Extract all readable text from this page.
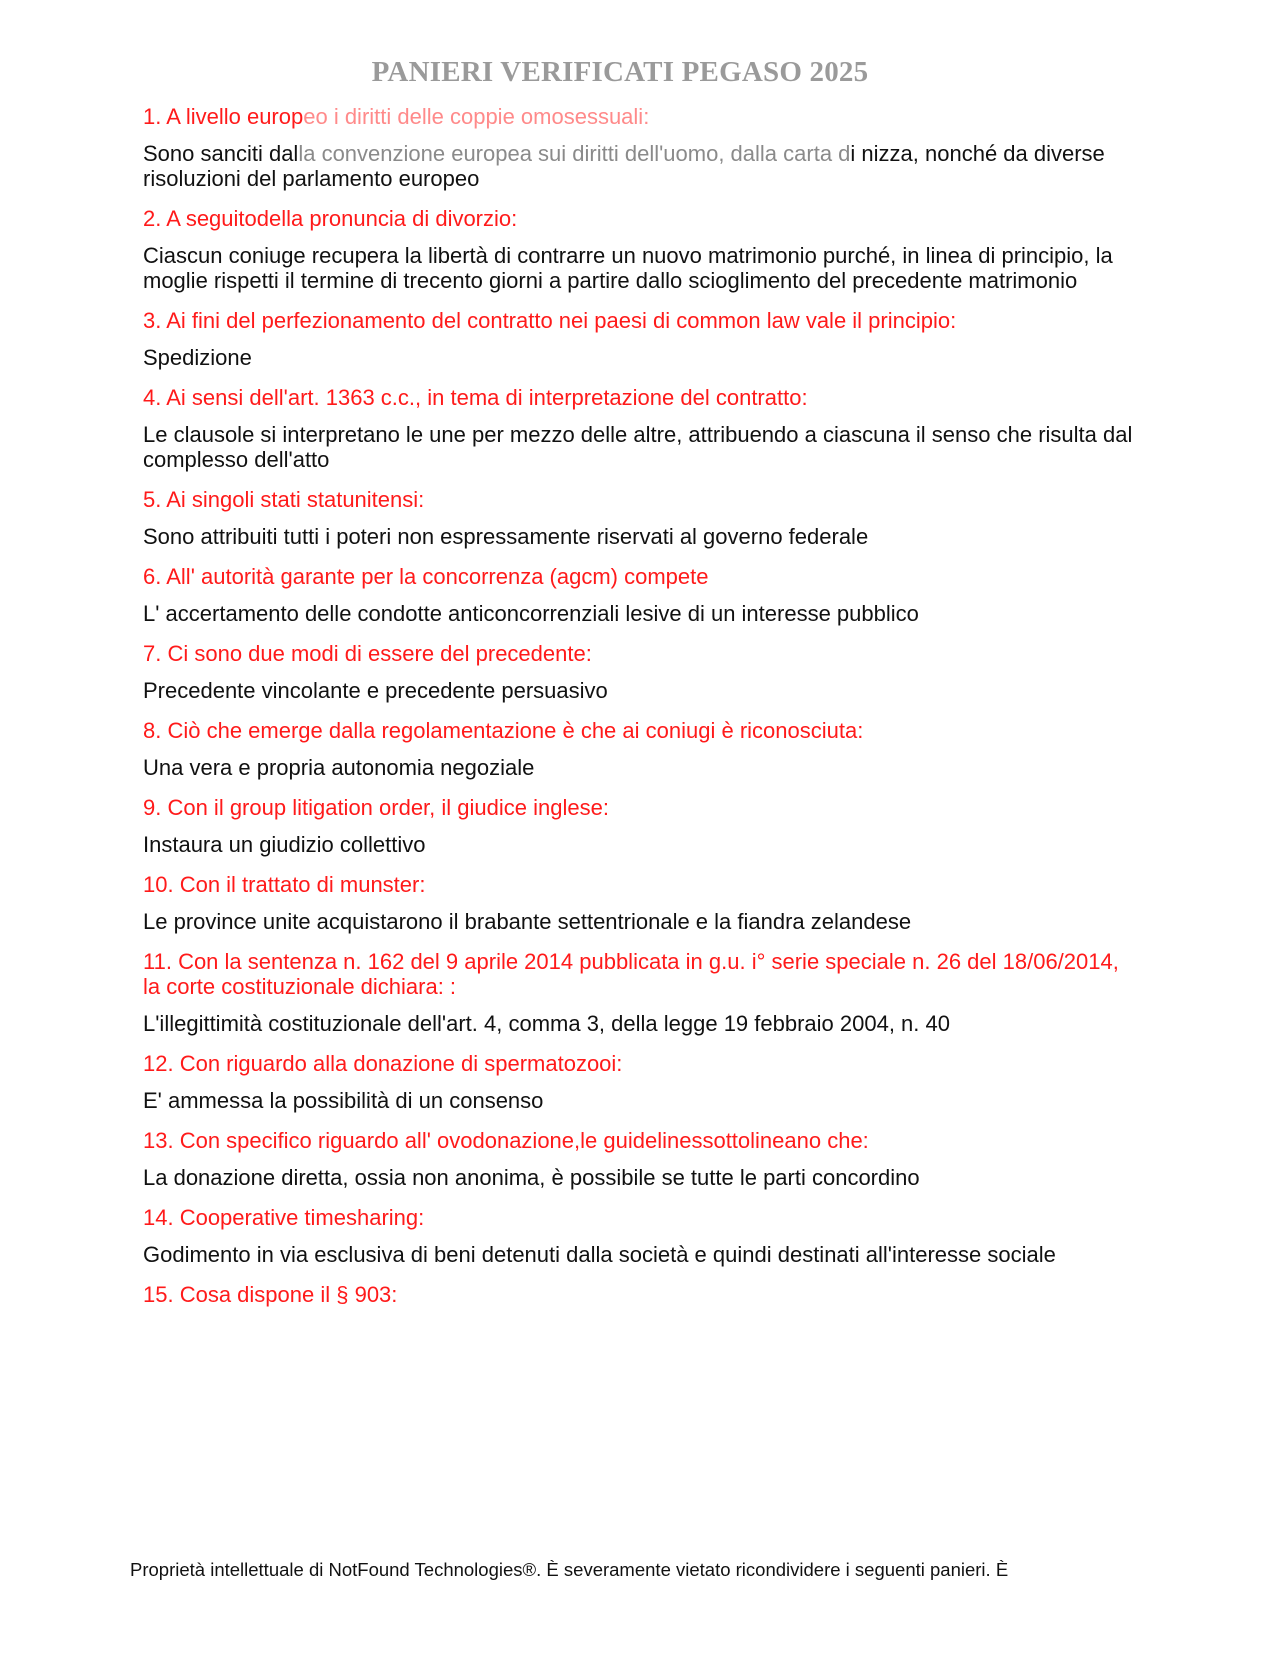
PANIERI VERIFICATI PEGASO 2025

1. A livello europeo i diritti delle coppie omosessuali:

Sono sanciti dalla convenzione europea sui diritti dell'uomo, dalla carta di nizza, nonché da diverse risoluzioni del parlamento europeo

2. A seguitodella pronuncia di divorzio:

Ciascun coniuge recupera la libertà di contrarre un nuovo matrimonio purché, in linea di principio, la moglie rispetti il termine di trecento giorni a partire dallo scioglimento del precedente matrimonio

3. Ai fini del perfezionamento del contratto nei paesi di common law vale il principio:

Spedizione

4. Ai sensi dell'art. 1363 c.c., in tema di interpretazione del contratto:

Le clausole si interpretano le une per mezzo delle altre, attribuendo a ciascuna il senso che risulta dal complesso dell'atto

5. Ai singoli stati statunitensi:

Sono attribuiti tutti i poteri non espressamente riservati al governo federale

6. All' autorità garante per la concorrenza (agcm) compete

L' accertamento delle condotte anticoncorrenziali lesive di un interesse pubblico

7. Ci sono due modi di essere del precedente:

Precedente vincolante e precedente persuasivo

8. Ciò che emerge dalla regolamentazione è che ai coniugi è riconosciuta:

Una vera e propria autonomia negoziale

9. Con il group litigation order, il giudice inglese:

Instaura un giudizio collettivo

10. Con il trattato di munster:

Le province unite acquistarono il brabante settentrionale e la fiandra zelandese

11. Con la sentenza n. 162 del 9 aprile 2014 pubblicata in g.u. i° serie speciale n. 26 del 18/06/2014, la corte costituzionale dichiara: :

L'illegittimità costituzionale dell'art. 4, comma 3, della legge 19 febbraio 2004, n. 40

12. Con riguardo alla donazione di spermatozooi:

E' ammessa la possibilità di un consenso

13. Con specifico riguardo all' ovodonazione,le guidelinessottolineano che:

La donazione diretta, ossia non anonima, è possibile se tutte le parti concordino

14. Cooperative timesharing:

Godimento in via esclusiva di beni detenuti dalla società e quindi destinati all'interesse sociale

15. Cosa dispone il § 903:

Proprietà intellettuale di NotFound Technologies®. È severamente vietato ricondividere i seguenti panieri. È
